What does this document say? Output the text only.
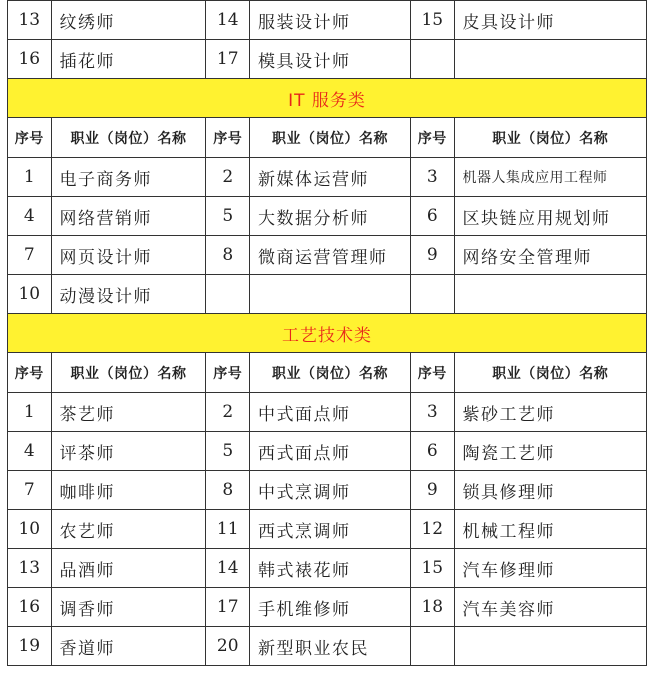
13	纹绣师	14	服装设计师	15	皮具设计师
16	插花师	17	模具设计师		
IT 服务类					
序号	职业（岗位）名称	序号	职业（岗位）名称	序号	职业（岗位）名称
1	电子商务师	2	新媒体运营师	3	机器人集成应用工程师
4	网络营销师	5	大数据分析师	6	区块链应用规划师
7	网页设计师	8	微商运营管理师	9	网络安全管理师
10	动漫设计师				
工艺技术类					
序号	职业（岗位）名称	序号	职业（岗位）名称	序号	职业（岗位）名称
1	茶艺师	2	中式面点师	3	紫砂工艺师
4	评茶师	5	西式面点师	6	陶瓷工艺师
7	咖啡师	8	中式烹调师	9	锁具修理师
10	农艺师	11	西式烹调师	12	机械工程师
13	品酒师	14	韩式裱花师	15	汽车修理师
16	调香师	17	手机维修师	18	汽车美容师
19	香道师	20	新型职业农民		
